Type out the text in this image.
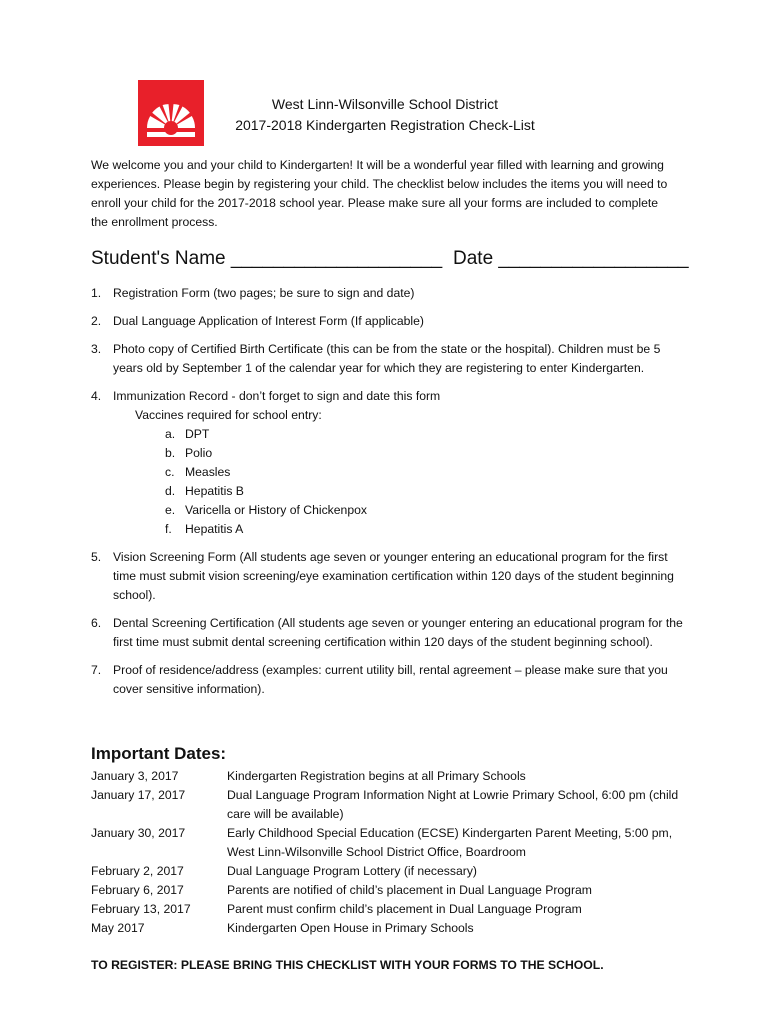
West Linn-Wilsonville School District
2017-2018 Kindergarten Registration Check-List

We welcome you and your child to Kindergarten! It will be a wonderful year filled with learning and growing experiences. Please begin by registering your child. The checklist below includes the items you will need to enroll your child for the 2017-2018 school year. Please make sure all your forms are included to complete the enrollment process.

Student's Name ____________________ Date __________________
1. Registration Form (two pages; be sure to sign and date)
2. Dual Language Application of Interest Form (If applicable)
3. Photo copy of Certified Birth Certificate (this can be from the state or the hospital). Children must be 5 years old by September 1 of the calendar year for which they are registering to enter Kindergarten.
4. Immunization Record - don’t forget to sign and date this form
Vaccines required for school entry:
a. DPT
b. Polio
c. Measles
d. Hepatitis B
e. Varicella or History of Chickenpox
f. Hepatitis A
5. Vision Screening Form (All students age seven or younger entering an educational program for the first time must submit vision screening/eye examination certification within 120 days of the student beginning school).
6. Dental Screening Certification (All students age seven or younger entering an educational program for the first time must submit dental screening certification within 120 days of the student beginning school).
7. Proof of residence/address (examples: current utility bill, rental agreement – please make sure that you cover sensitive information).
Important Dates:
January 3, 2017	Kindergarten Registration begins at all Primary Schools
January 17, 2017	Dual Language Program Information Night at Lowrie Primary School, 6:00 pm (child care will be available)
January 30, 2017	Early Childhood Special Education (ECSE) Kindergarten Parent Meeting, 5:00 pm, West Linn-Wilsonville School District Office, Boardroom
February 2, 2017	Dual Language Program Lottery (if necessary)
February 6, 2017	Parents are notified of child’s placement in Dual Language Program
February 13, 2017	Parent must confirm child’s placement in Dual Language Program
May 2017	Kindergarten Open House in Primary Schools
TO REGISTER: PLEASE BRING THIS CHECKLIST WITH YOUR FORMS TO THE SCHOOL.
